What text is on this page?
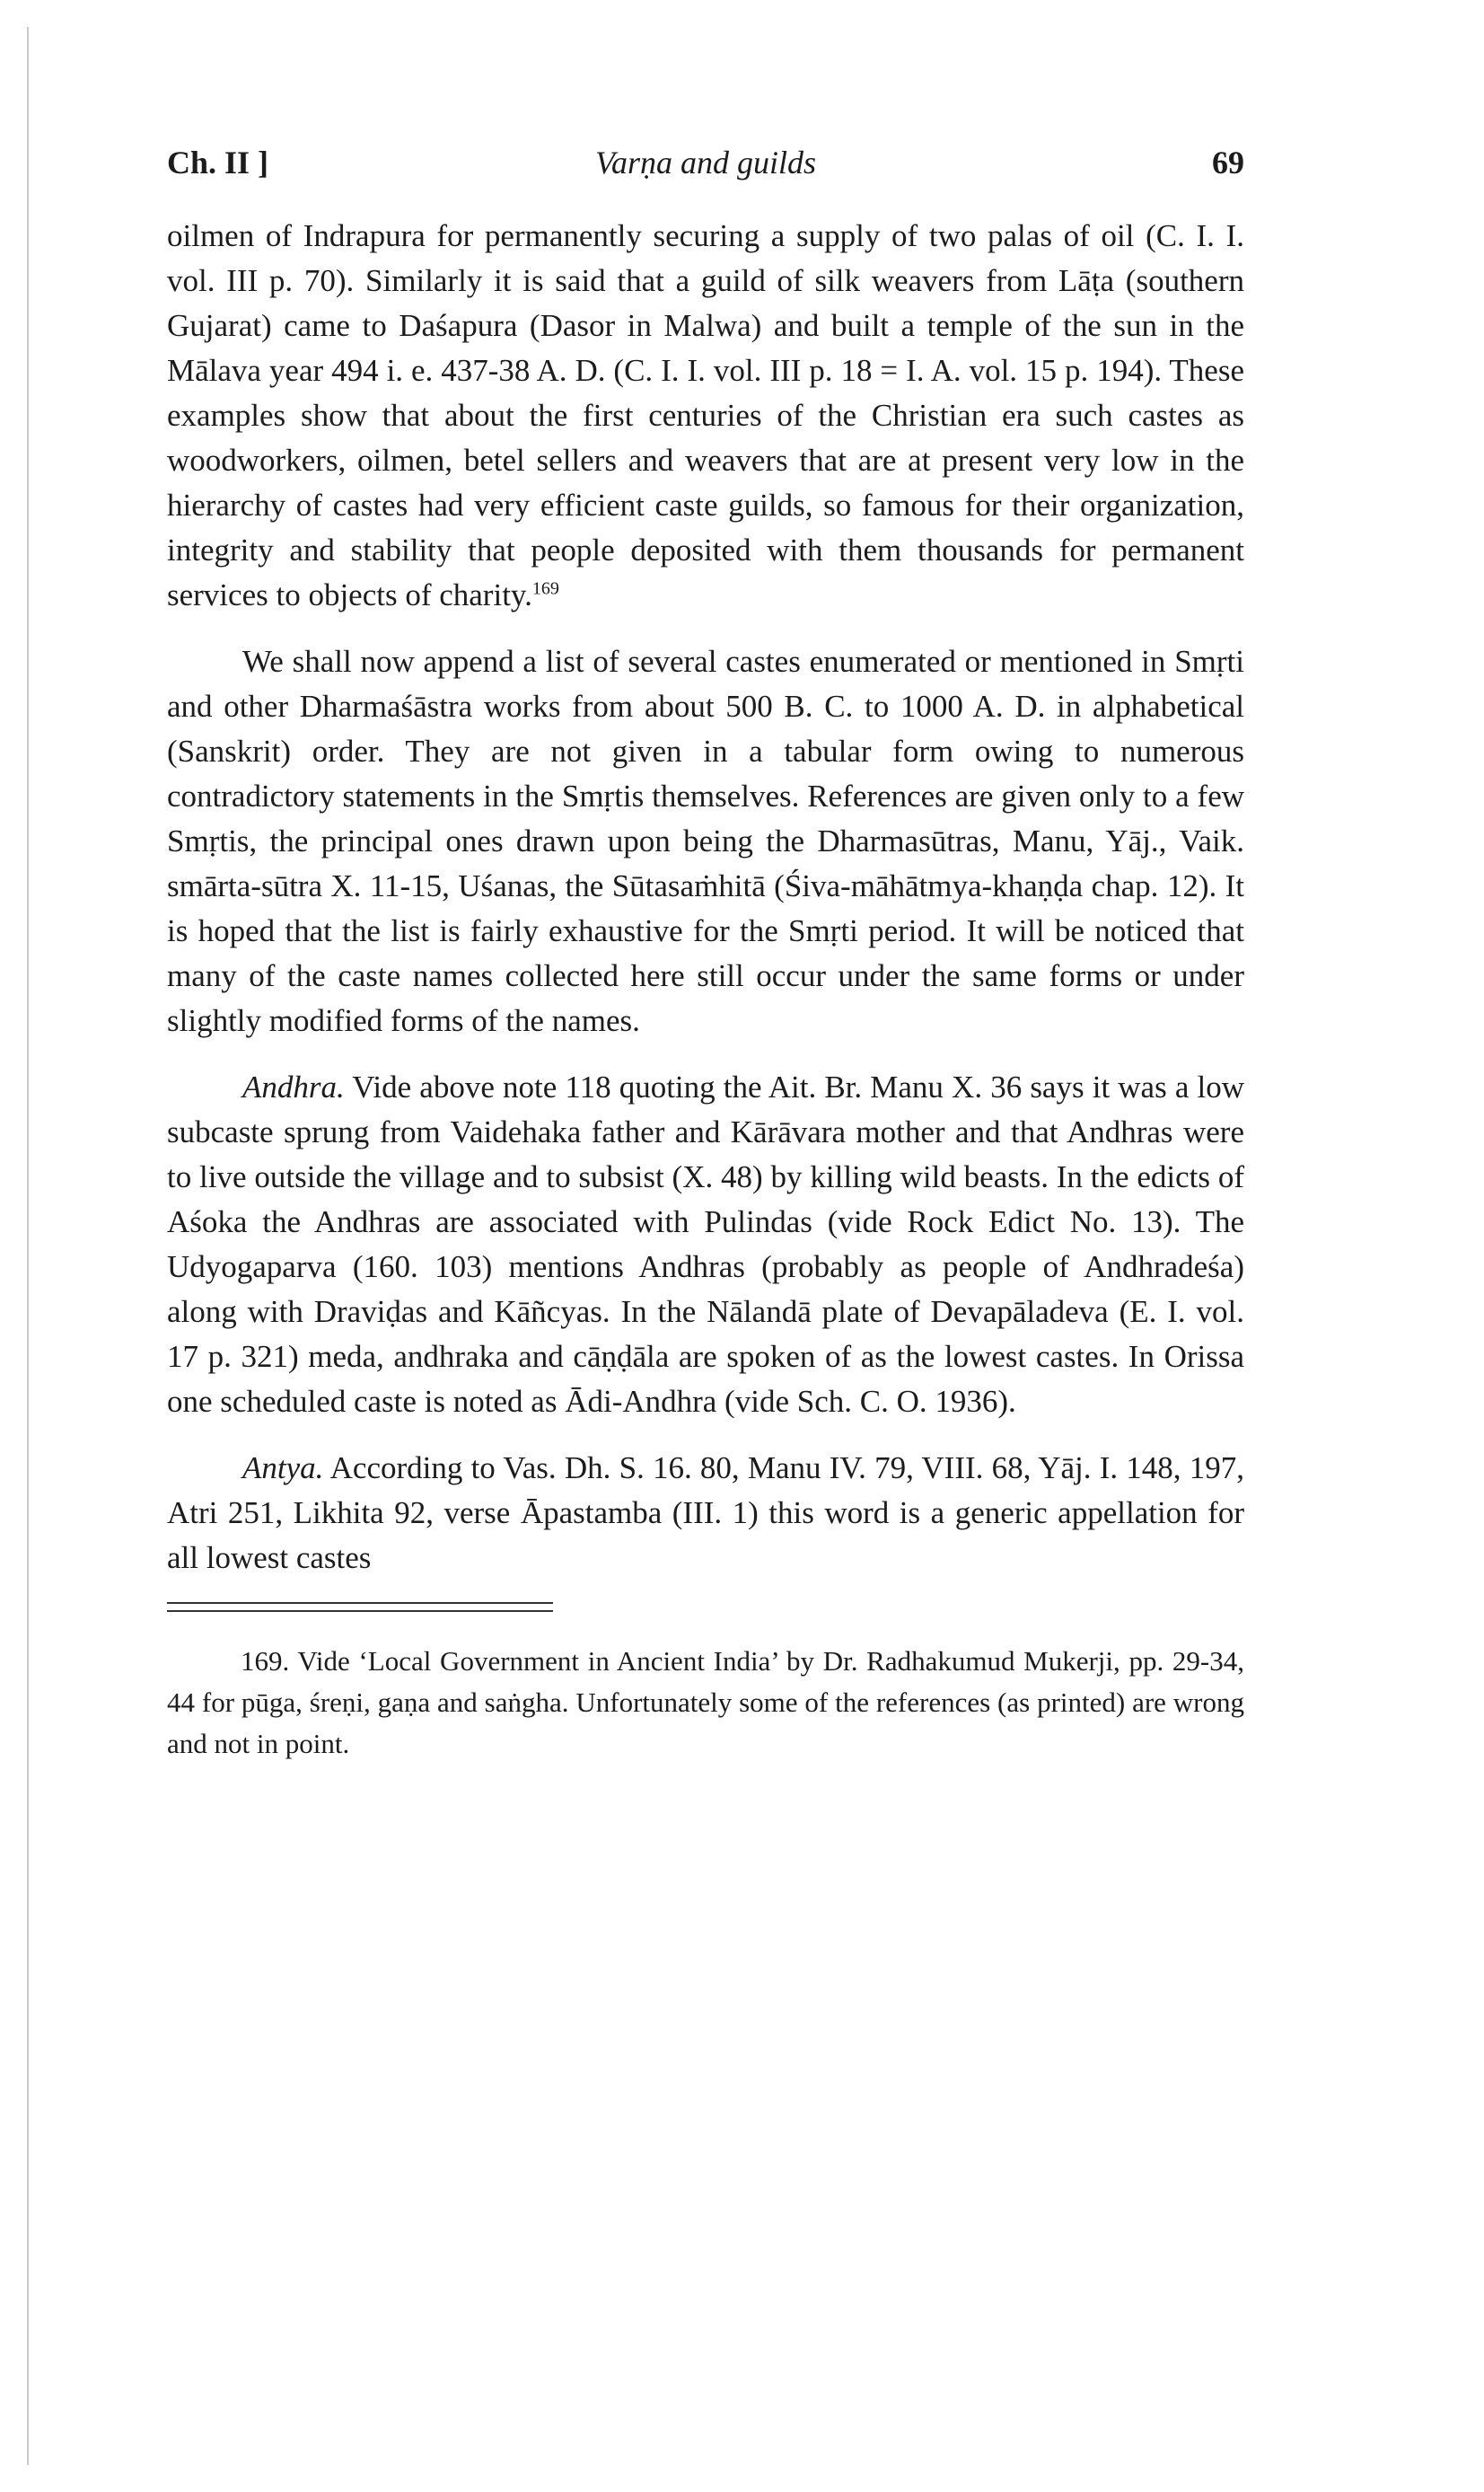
Ch. II ]	Varṇa and guilds	69

oilmen of Indrapura for permanently securing a supply of two palas of oil (C. I. I. vol. III p. 70). Similarly it is said that a guild of silk weavers from Lāṭa (southern Gujarat) came to Daśapura (Dasor in Malwa) and built a temple of the sun in the Mālava year 494 i. e. 437-38 A. D. (C. I. I. vol. III p. 18 = I. A. vol. 15 p. 194). These examples show that about the first centuries of the Christian era such castes as woodworkers, oilmen, betel sellers and weavers that are at present very low in the hierarchy of castes had very efficient caste guilds, so famous for their organization, integrity and stability that people deposited with them thousands for permanent services to objects of charity.$^{169}$

We shall now append a list of several castes enumerated or mentioned in Smṛti and other Dharmaśāstra works from about 500 B. C. to 1000 A. D. in alphabetical (Sanskrit) order. They are not given in a tabular form owing to numerous contradictory statements in the Smṛtis themselves. References are given only to a few Smṛtis, the principal ones drawn upon being the Dharmasūtras, Manu, Yāj., Vaik. smārta-sūtra X. 11-15, Uśanas, the Sūtasaṁhitā (Śiva-māhātmya-khaṇḍa chap. 12). It is hoped that the list is fairly exhaustive for the Smṛti period. It will be noticed that many of the caste names collected here still occur under the same forms or under slightly modified forms of the names.

Andhra. Vide above note 118 quoting the Ait. Br. Manu X. 36 says it was a low subcaste sprung from Vaidehaka father and Kārāvara mother and that Andhras were to live outside the village and to subsist (X. 48) by killing wild beasts. In the edicts of Aśoka the Andhras are associated with Pulindas (vide Rock Edict No. 13). The Udyogaparva (160. 103) mentions Andhras (probably as people of Andhradeśa) along with Draviḍas and Kāñcyas. In the Nālandā plate of Devapāladeva (E. I. vol. 17 p. 321) meda, andhraka and cāṇḍāla are spoken of as the lowest castes. In Orissa one scheduled caste is noted as Ādi-Andhra (vide Sch. C. O. 1936).

Antya. According to Vas. Dh. S. 16. 80, Manu IV. 79, VIII. 68, Yāj. I. 148, 197, Atri 251, Likhita 92, verse Āpastamba (III. 1) this word is a generic appellation for all lowest castes

169. Vide ‘Local Government in Ancient India’ by Dr. Radhakumud Mukerji, pp. 29-34, 44 for pūga, śreṇi, gaṇa and saṅgha. Unfortunately some of the references (as printed) are wrong and not in point.
